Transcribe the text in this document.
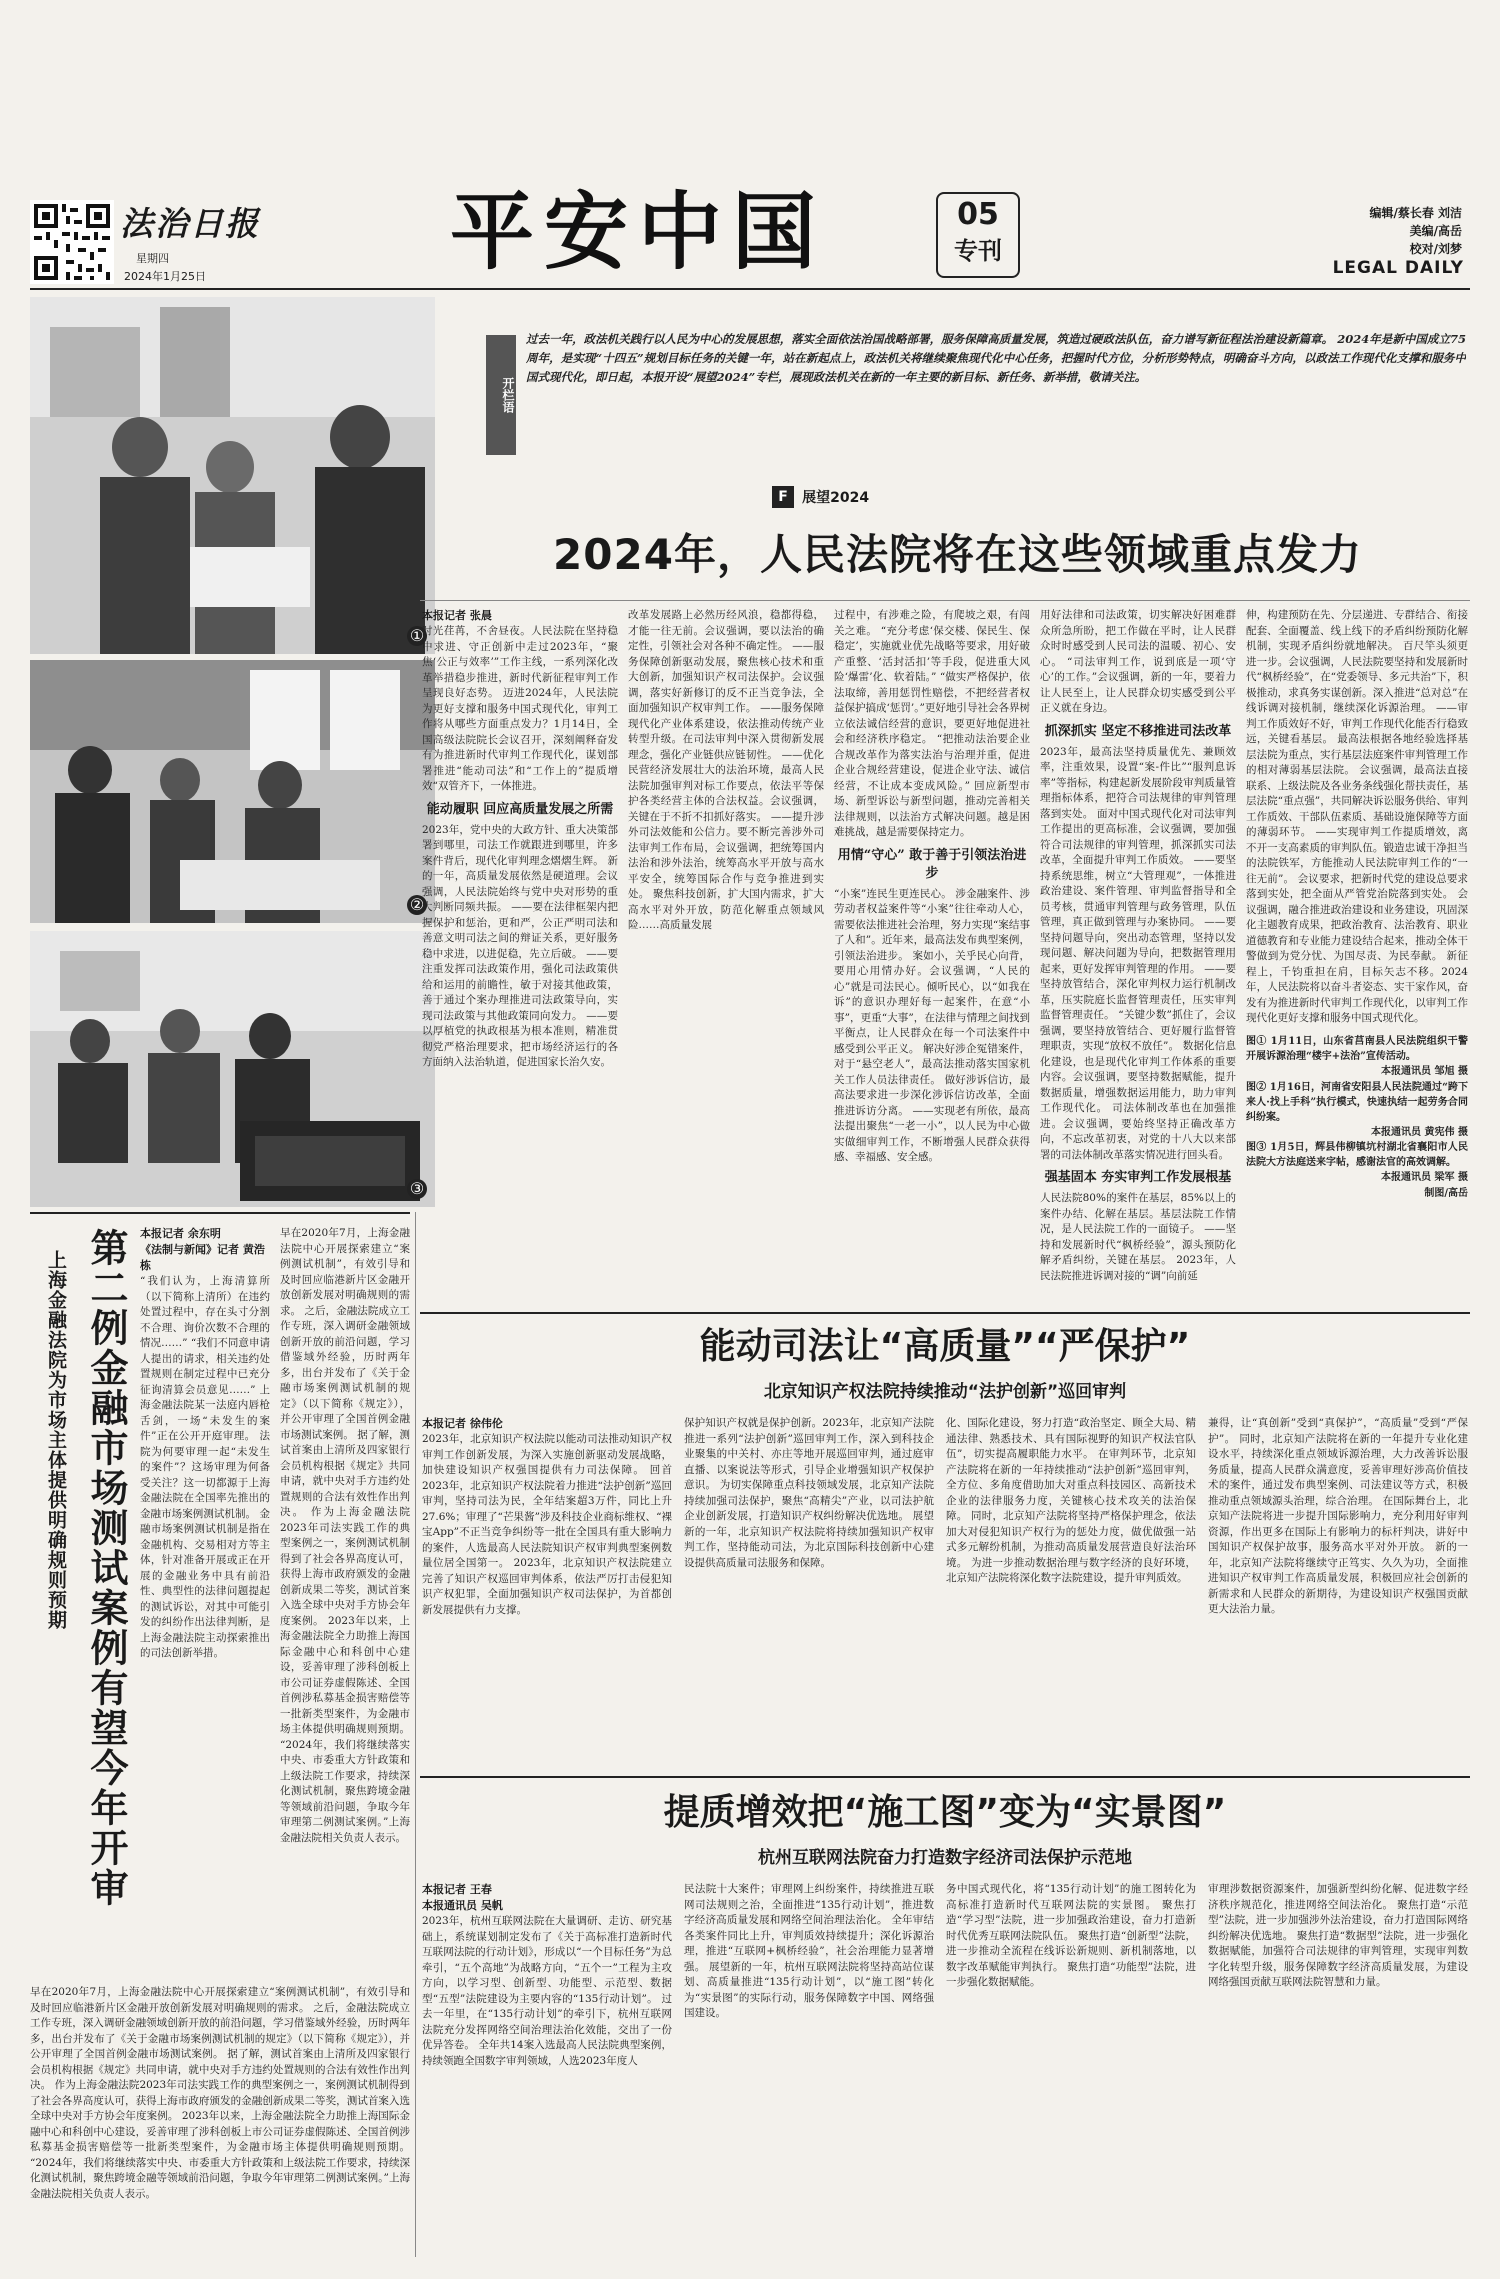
法治日报
星期四
2024年1月25日	平安中国	05
专刊
编辑/蔡长春 刘洁
美编/高岳
校对/刘梦
LEGAL DAILY
①
②
③
开栏语
过去一年，政法机关践行以人民为中心的发展思想，落实全面依法治国战略部署，服务保障高质量发展，筑造过硬政法队伍，奋力谱写新征程法治建设新篇章。 2024年是新中国成立75周年，是实现“十四五”规划目标任务的关键一年，站在新起点上，政法机关将继续聚焦现代化中心任务，把握时代方位，分析形势特点，明确奋斗方向，以政法工作现代化支撑和服务中国式现代化，即日起，本报开设“展望2024”专栏，展现政法机关在新的一年主要的新目标、新任务、新举措，敬请关注。
F 展望2024
2024年，人民法院将在这些领域重点发力
本报记者 张晨
时光荏苒，不舍昼夜。人民法院在坚持稳中求进、守正创新中走过2023年，“聚焦‘公正与效率’”工作主线，一系列深化改革举措稳步推进，新时代新征程审判工作呈现良好态势。 迈进2024年，人民法院为更好支撑和服务中国式现代化，审判工作将从哪些方面重点发力？1月14日，全国高级法院院长会议召开，深刻阐释奋发有为推进新时代审判工作现代化，谋划部署推进“能动司法”和“工作上的”提质增效“双管齐下，一体推进。
能动履职 回应高质量发展之所需
2023年，党中央的大政方针、重大决策部署到哪里，司法工作就跟进到哪里，许多案件背后，现代化审判理念熠熠生辉。 新的一年，高质量发展依然是硬道理。会议强调，人民法院始终与党中央对形势的重大判断同频共振。 ——要在法律框架内把握保护和惩治，更和严，公正严明司法和善意文明司法之间的辩证关系，更好服务稳中求进，以进促稳，先立后破。 ——要注重发挥司法政策作用，强化司法政策供给和运用的前瞻性，敏于对接其他政策，善于通过个案办理推进司法政策导向，实现司法政策与其他政策同向发力。 ——要以厚植党的执政根基为根本准则，精准贯彻党严格治理要求，把市场经济运行的各方面纳入法治轨道，促进国家长治久安。
改革发展路上必然历经风浪，稳都得稳，才能一往无前。会议强调，要以法治的确定性，引领社会对各种不确定性。 ——服务保障创新驱动发展，聚焦核心技术和重大创新，加强知识产权司法保护。会议强调，落实好新修订的反不正当竞争法，全面加强知识产权审判工作。 ——服务保障现代化产业体系建设，依法推动传统产业转型升级。在司法审判中深入贯彻新发展理念，强化产业链供应链韧性。 ——优化民营经济发展壮大的法治环境，最高人民法院加强审判对标工作要点，依法平等保护各类经营主体的合法权益。会议强调，关键在于不折不扣抓好落实。 ——提升涉外司法效能和公信力。要不断完善涉外司法审判工作布局，会议强调，把统筹国内法治和涉外法治，统筹高水平开放与高水平安全，统筹国际合作与竞争推进到实处。 聚焦科技创新，扩大国内需求，扩大高水平对外开放，防范化解重点领域风险……高质量发展
过程中，有涉难之险，有爬坡之艰，有闯关之难。 “充分考虑‘保交楼、保民生、保稳定’，实施就业优先战略等要求，用好破产重整、‘活封活扣’等手段，促进重大风险‘爆雷’化、软着陆。” “做实严格保护，依法取缔，善用惩罚性赔偿，不把经营者权益保护搞成‘惩罚’。”更好地引导社会各界树立依法诚信经营的意识，要更好地促进社会和经济秩序稳定。 “把推动法治要企业合规改革作为落实法治与治理并重，促进企业合规经营建设，促进企业守法、诚信经营，不让成本变成风险。” 回应新型市场、新型诉讼与新型问题，推动完善相关法律规则，以法治方式解决问题。越是困难挑战，越是需要保持定力。
用情“守心” 敢于善于引领法治进步
“小案”连民生更连民心。 涉金融案件、涉劳动者权益案件等“小案”往往牵动人心，需要依法推进社会治理，努力实现“案结事了人和”。近年来，最高法发布典型案例，引领法治进步。 案如小，关乎民心向背，要用心用情办好。会议强调，“人民的心”就是司法民心。倾听民心，以“如我在诉”的意识办理好每一起案件，在意“小事”，更重“大事”，在法律与情理之间找到平衡点，让人民群众在每一个司法案件中感受到公平正义。 解决好涉企冤错案件，对于“悬空老人”，最高法推动落实国家机关工作人员法律责任。 做好涉诉信访，最高法要求进一步深化涉诉信访改革，全面推进诉访分离。 ——实现老有所依，最高法提出聚焦“一老一小”，以人民为中心做实做细审判工作，不断增强人民群众获得感、幸福感、安全感。
用好法律和司法政策，切实解决好困难群众所急所盼，把工作做在平时，让人民群众时时感受到人民司法的温暖、初心、安心。 “司法审判工作，说到底是一项‘守心’的工作。”会议强调，新的一年，要着力让人民至上，让人民群众切实感受到公平正义就在身边。
抓深抓实 坚定不移推进司法改革
2023年，最高法坚持质量优先、兼顾效率，注重效果，设置“案-件比”“服判息诉率”等指标，构建起新发展阶段审判质量管理指标体系，把符合司法规律的审判管理落到实处。 面对中国式现代化对司法审判工作提出的更高标准，会议强调，要加强符合司法规律的审判管理，抓深抓实司法改革，全面提升审判工作质效。 ——要坚持系统思维，树立“大管理观”，一体推进政治建设、案件管理、审判监督指导和全员考核，贯通审判管理与政务管理，队伍管理，真正做到管理与办案协同。 ——要坚持问题导向，突出动态管理，坚持以发现问题、解决问题为导向，把数据管理用起来，更好发挥审判管理的作用。 ——要坚持放管结合，深化审判权力运行机制改革，压实院庭长监督管理责任，压实审判监督管理责任。 “关键少数”抓住了，会议强调，要坚持放管结合、更好履行监督管理职责，实现“放权不放任”。 数据化信息化建设，也是现代化审判工作体系的重要内容。会议强调，要坚持数据赋能，提升数据质量，增强数据运用能力，助力审判工作现代化。 司法体制改革也在加强推进。会议强调，要始终坚持正确改革方向，不忘改革初衷，对党的十八大以来部署的司法体制改革落实情况进行回头看。
强基固本 夯实审判工作发展根基
人民法院80%的案件在基层，85%以上的案件办结、化解在基层。基层法院工作情况，是人民法院工作的一面镜子。 ——坚持和发展新时代“枫桥经验”，源头预防化解矛盾纠纷，关键在基层。 2023年，人民法院推进诉调对接的“调”向前延
伸，构建预防在先、分层递进、专群结合、衔接配套、全面覆盖、线上线下的矛盾纠纷预防化解机制，实现矛盾纠纷就地解决。 百尺竿头须更进一步。会议强调，人民法院要坚持和发展新时代“枫桥经验”，在“党委领导、多元共治”下，积极推动，求真务实谋创新。深入推进“总对总”在线诉调对接机制，继续深化诉源治理。 ——审判工作质效好不好，审判工作现代化能否行稳致远，关键看基层。 最高法根据各地经验选择基层法院为重点，实行基层法庭案件审判管理工作的相对薄弱基层法院。 会议强调，最高法直接联系、上级法院及各业务条线强化帮扶责任，基层法院“重点强”，共同解决诉讼服务供给、审判工作质效、干部队伍素质、基础设施保障等方面的薄弱环节。 ——实现审判工作提质增效，离不开一支高素质的审判队伍。锻造忠诚干净担当的法院铁军，方能推动人民法院审判工作的“一往无前”。 会议要求，把新时代党的建设总要求落到实处，把全面从严管党治院落到实处。 会议强调，融合推进政治建设和业务建设，巩固深化主题教育成果，把政治教育、法治教育、职业道德教育和专业能力建设结合起来，推动全体干警做到为党分忧、为国尽责、为民奉献。 新征程上，千钧重担在肩，目标矢志不移。2024年，人民法院将以奋斗者姿态、实干家作风，奋发有为推进新时代审判工作现代化，以审判工作现代化更好支撑和服务中国式现代化。
图① 1月11日，山东省莒南县人民法院组织干警开展诉源治理“楼宇+法治”宣传活动。
本报通讯员 邹旭 摄
图② 1月16日，河南省安阳县人民法院通过“跨下来人·找上手科”执行模式，快速执结一起劳务合同纠纷案。
本报通讯员 黄宪伟 摄
图③ 1月5日，辉县伟柳镇坑村湖北省襄阳市人民法院大方法庭送来字帖，感谢法官的高效调解。
本报通讯员 梁军 摄
制图/高岳
第二例金融市场测试案例有望今年开审
上海金融法院为市场主体提供明确规则预期
本报记者 余东明
《法制与新闻》记者 黄浩栋
“我们认为，上海清算所（以下简称上清所）在违约处置过程中，存在头寸分割不合理、询价次数不合理的情况……” “我们不同意申请人提出的请求，相关违约处置规则在制定过程中已充分征询清算会员意见……” 上海金融法院某一法庭内唇枪舌剑，一场“未发生的案件”正在公开开庭审理。 法院为何要审理一起“未发生的案件”？这场审理为何备受关注？这一切都源于上海金融法院在全国率先推出的金融市场案例测试机制。 金融市场案例测试机制是指在金融机构、交易相对方等主体，针对准备开展或正在开展的金融业务中具有前沿性、典型性的法律问题提起的测试诉讼，对其中可能引发的纠纷作出法律判断，是上海金融法院主动探索推出的司法创新举措。
早在2020年7月，上海金融法院中心开展探索建立“案例测试机制”，有效引导和及时回应临港新片区金融开放创新发展对明确规则的需求。 之后，金融法院成立工作专班，深入调研金融领域创新开放的前沿问题，学习借鉴域外经验，历时两年多，出台并发布了《关于金融市场案例测试机制的规定》（以下简称《规定》），并公开审理了全国首例金融市场测试案例。 据了解，测试首案由上清所及四家银行会员机构根据《规定》共同申请，就中央对手方违约处置规则的合法有效性作出判决。 作为上海金融法院2023年司法实践工作的典型案例之一，案例测试机制得到了社会各界高度认可，获得上海市政府颁发的金融创新成果二等奖，测试首案入选全球中央对手方协会年度案例。 2023年以来，上海金融法院全力助推上海国际金融中心和科创中心建设，妥善审理了涉科创板上市公司证券虚假陈述、全国首例涉私募基金损害赔偿等一批新类型案件，为金融市场主体提供明确规则预期。 “2024年，我们将继续落实中央、市委重大方针政策和上级法院工作要求，持续深化测试机制，聚焦跨境金融等领域前沿问题，争取今年审理第二例测试案例。”上海金融法院相关负责人表示。
早在2020年7月，上海金融法院中心开展探索建立“案例测试机制”，有效引导和及时回应临港新片区金融开放创新发展对明确规则的需求。 之后，金融法院成立工作专班，深入调研金融领域创新开放的前沿问题，学习借鉴域外经验，历时两年多，出台并发布了《关于金融市场案例测试机制的规定》（以下简称《规定》），并公开审理了全国首例金融市场测试案例。 据了解，测试首案由上清所及四家银行会员机构根据《规定》共同申请，就中央对手方违约处置规则的合法有效性作出判决。 作为上海金融法院2023年司法实践工作的典型案例之一，案例测试机制得到了社会各界高度认可，获得上海市政府颁发的金融创新成果二等奖，测试首案入选全球中央对手方协会年度案例。 2023年以来，上海金融法院全力助推上海国际金融中心和科创中心建设，妥善审理了涉科创板上市公司证券虚假陈述、全国首例涉私募基金损害赔偿等一批新类型案件，为金融市场主体提供明确规则预期。 “2024年，我们将继续落实中央、市委重大方针政策和上级法院工作要求，持续深化测试机制，聚焦跨境金融等领域前沿问题，争取今年审理第二例测试案例。”上海金融法院相关负责人表示。
能动司法让“高质量”“严保护”
北京知识产权法院持续推动“法护创新”巡回审判
本报记者 徐伟伦
2023年，北京知识产权法院以能动司法推动知识产权审判工作创新发展，为深入实施创新驱动发展战略，加快建设知识产权强国提供有力司法保障。 回首2023年，北京知识产权法院着力推进“法护创新”巡回审判，坚持司法为民，全年结案超3万件，同比上升27.6%；审理了“芒果酱”涉及科技企业商标维权、“裸宝App”不正当竞争纠纷等一批在全国具有重大影响力的案件，人选最高人民法院知识产权审判典型案例数量位居全国第一。 2023年，北京知识产权法院建立完善了知识产权巡回审判体系，依法严厉打击侵犯知识产权犯罪，全面加强知识产权司法保护，为首都创新发展提供有力支撑。
保护知识产权就是保护创新。2023年，北京知产法院推进一系列“法护创新”巡回审判工作，深入到科技企业聚集的中关村、亦庄等地开展巡回审判，通过庭审直播、以案说法等形式，引导企业增强知识产权保护意识。 为切实保障重点科技领域发展，北京知产法院持续加强司法保护，聚焦“高精尖”产业，以司法护航企业创新发展，打造知识产权纠纷解决优选地。 展望新的一年，北京知识产权法院将持续加强知识产权审判工作，坚持能动司法，为北京国际科技创新中心建设提供高质量司法服务和保障。
化、国际化建设，努力打造“政治坚定、顾全大局、精通法律、熟悉技术、具有国际视野的知识产权法官队伍”，切实提高履职能力水平。 在审判环节，北京知产法院将在新的一年持续推动“法护创新”巡回审判，全方位、多角度借助加大对重点科技园区、高新技术企业的法律服务力度，关键核心技术攻关的法治保障。 同时，北京知产法院将坚持严格保护理念，依法加大对侵犯知识产权行为的惩处力度，做优做强一站式多元解纷机制，为推动高质量发展营造良好法治环境。 为进一步推动数据治理与数字经济的良好环境，北京知产法院将深化数字法院建设，提升审判质效。
兼得，让“真创新”受到“真保护”，“高质量”受到“严保护”。 同时，北京知产法院将在新的一年提升专业化建设水平，持续深化重点领域诉源治理，大力改善诉讼服务质量，提高人民群众满意度，妥善审理好涉高价值技术的案件，通过发布典型案例、司法建议等方式，积极推动重点领域源头治理，综合治理。 在国际舞台上，北京知产法院将进一步提升国际影响力，充分利用好审判资源，作出更多在国际上有影响力的标杆判决，讲好中国知识产权保护故事，服务高水平对外开放。 新的一年，北京知产法院将继续守正笃实、久久为功，全面推进知识产权审判工作高质量发展，积极回应社会创新的新需求和人民群众的新期待，为建设知识产权强国贡献更大法治力量。
提质增效把“施工图”变为“实景图”
杭州互联网法院奋力打造数字经济司法保护示范地
本报记者 王春
本报通讯员 吴帆
2023年，杭州互联网法院在大量调研、走访、研究基础上，系统谋划制定发布了《关于高标准打造新时代互联网法院的行动计划》，形成以“一个目标任务”为总牵引，“五个高地”为战略方向，“五个一”工程为主攻方向，以学习型、创新型、功能型、示范型、数据型“五型”法院建设为主要内容的“135行动计划”。 过去一年里，在“135行动计划”的牵引下，杭州互联网法院充分发挥网络空间治理法治化效能，交出了一份优异答卷。 全年共14案入选最高人民法院典型案例，持续领跑全国数字审判领域，人选2023年度人
民法院十大案件；审理网上纠纷案件，持续推进互联网司法规则之治，全面推进“135行动计划”，推进数字经济高质量发展和网络空间治理法治化。 全年审结各类案件同比上升，审判质效持续提升；深化诉源治理，推进“互联网+枫桥经验”，社会治理能力显著增强。 展望新的一年，杭州互联网法院将坚持高站位谋划、高质量推进“135行动计划”，以“施工图”转化为“实景图”的实际行动，服务保障数字中国、网络强国建设。
务中国式现代化，将“135行动计划”的施工图转化为高标准打造新时代互联网法院的实景图。 聚焦打造“学习型”法院，进一步加强政治建设，奋力打造新时代优秀互联网法院队伍。 聚焦打造“创新型”法院，进一步推动全流程在线诉讼新规则、新机制落地，以数字改革赋能审判执行。 聚焦打造“功能型”法院，进一步强化数据赋能。
审理涉数据资源案件，加强新型纠纷化解、促进数字经济秩序规范化，推进网络空间法治化。 聚焦打造“示范型”法院，进一步加强涉外法治建设，奋力打造国际网络纠纷解决优选地。 聚焦打造“数据型”法院，进一步强化数据赋能，加强符合司法规律的审判管理，实现审判数字化转型升级，服务保障数字经济高质量发展，为建设网络强国贡献互联网法院智慧和力量。
